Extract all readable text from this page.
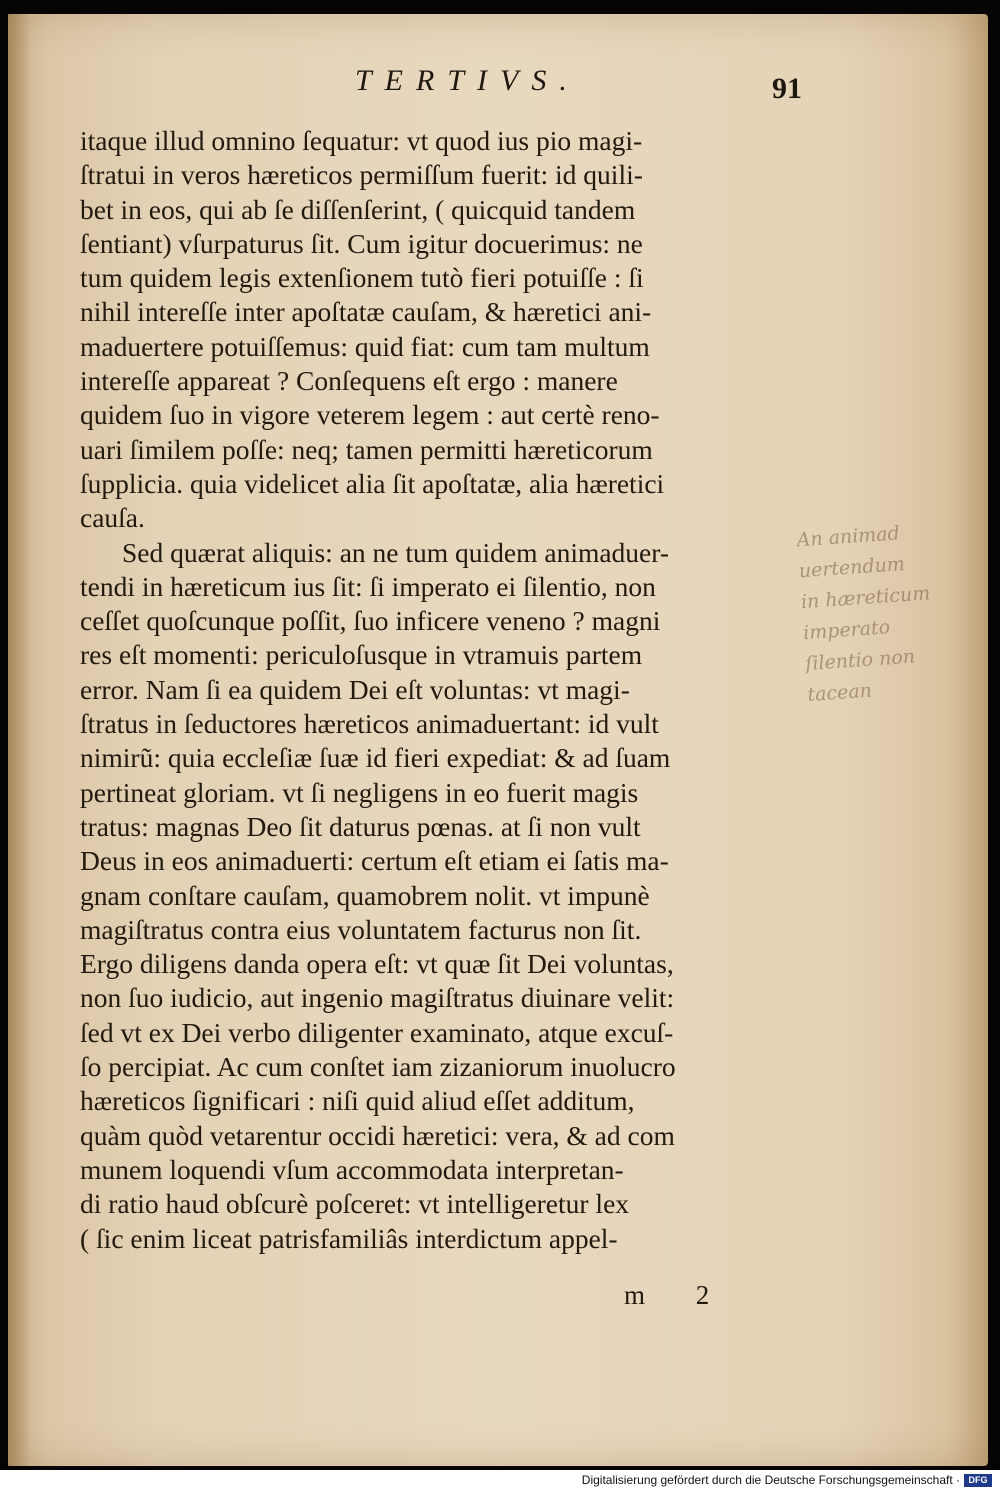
TERTIVS.	91
itaque illud omnino ſequatur: vt quod ius pio magi-
ſtratui in veros hæreticos permiſſum fuerit: id quili-
bet in eos, qui ab ſe diſſenſerint, ( quicquid tandem
ſentiant) vſurpaturus ſit. Cum igitur docuerimus: ne
tum quidem legis extenſionem tutò fieri potuiſſe : ſi
nihil intereſſe inter apoſtatæ cauſam, & hæretici ani-
maduertere potuiſſemus: quid fiat: cum tam multum
intereſſe appareat ? Conſequens eſt ergo : manere
quidem ſuo in vigore veterem legem : aut certè reno-
uari ſimilem poſſe: neq; tamen permitti hæreticorum
ſupplicia. quia videlicet alia ſit apoſtatæ, alia hæretici
cauſa.
Sed quærat aliquis: an ne tum quidem animaduer-
tendi in hæreticum ius ſit: ſi imperato ei ſilentio, non
ceſſet quoſcunque poſſit, ſuo inficere veneno ? magni
res eſt momenti: periculoſusque in vtramuis partem
error. Nam ſi ea quidem Dei eſt voluntas: vt magi-
ſtratus in ſeductores hæreticos animaduertant: id vult
nimirũ: quia eccleſiæ ſuæ id fieri expediat: & ad ſuam
pertineat gloriam. vt ſi negligens in eo fuerit magis
tratus: magnas Deo ſit daturus pœnas. at ſi non vult
Deus in eos animaduerti: certum eſt etiam ei ſatis ma-
gnam conſtare cauſam, quamobrem nolit. vt impunè
magiſtratus contra eius voluntatem facturus non ſit.
Ergo diligens danda opera eſt: vt quæ ſit Dei voluntas,
non ſuo iudicio, aut ingenio magiſtratus diuinare velit:
ſed vt ex Dei verbo diligenter examinato, atque excuſ-
ſo percipiat. Ac cum conſtet iam zizaniorum inuolucro
hæreticos ſignificari : niſi quid aliud eſſet additum,
quàm quòd vetarentur occidi hæretici: vera, & ad com
munem loquendi vſum accommodata interpretan-
di ratio haud obſcurè poſceret: vt intelligeretur lex
( ſic enim liceat patrisfamiliâs interdictum appel-
An animad
uertendum
in hæreticum
imperato
ſilentio non
tacean
m 2
Digitalisierung gefördert durch die Deutsche Forschungsgemeinschaft · DFG
